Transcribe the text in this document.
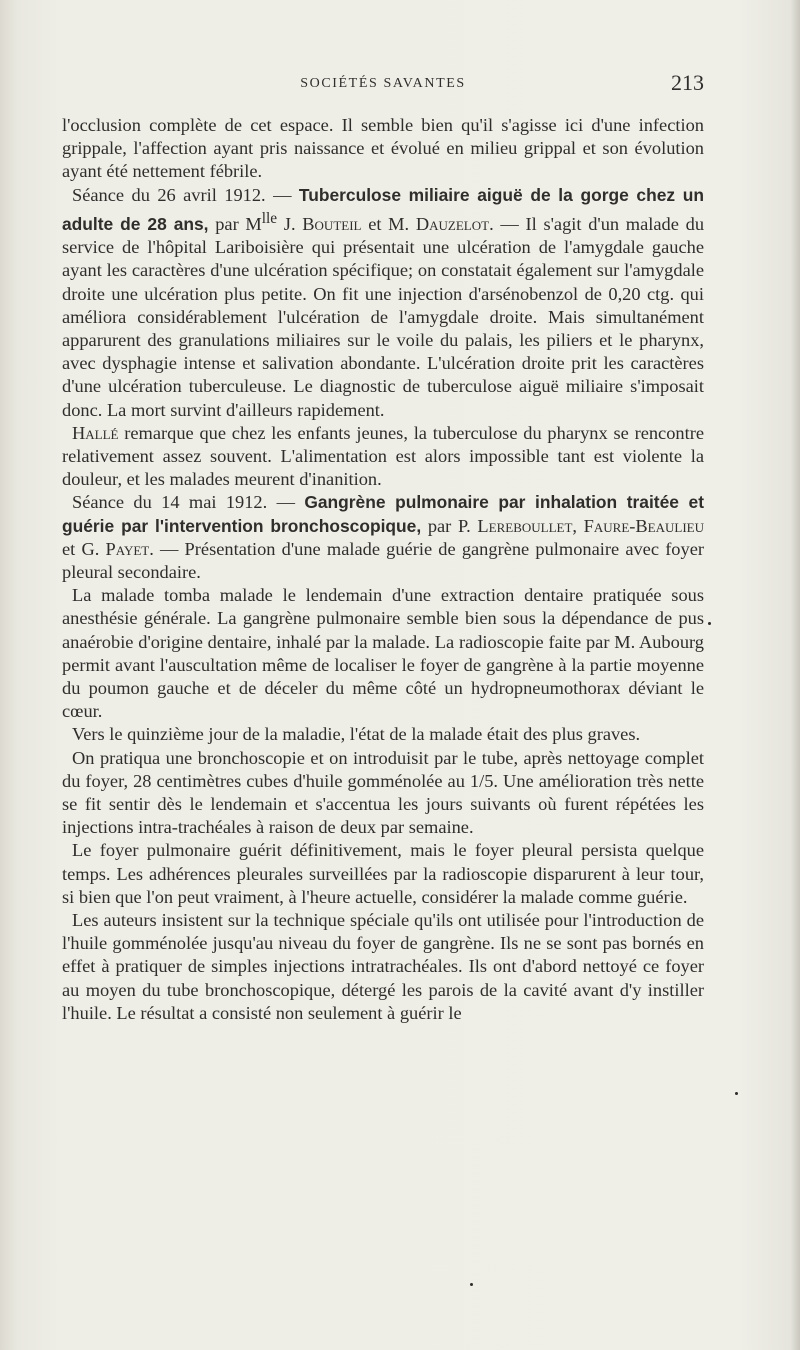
SOCIÉTÉS SAVANTES	213

l'occlusion complète de cet espace. Il semble bien qu'il s'agisse ici d'une infection grippale, l'affection ayant pris naissance et évolué en milieu grippal et son évolution ayant été nettement fébrile.

Séance du 26 avril 1912. — Tuberculose miliaire aiguë de la gorge chez un adulte de 28 ans, par $M^{lle}$ J. Bouteil et M. Dauzelot. — Il s'agit d'un malade du service de l'hôpital Lariboisière qui présentait une ulcération de l'amygdale gauche ayant les caractères d'une ulcération spécifique; on constatait également sur l'amygdale droite une ulcération plus petite. On fit une injection d'arsénobenzol de 0,20 ctg. qui améliora considérablement l'ulcération de l'amygdale droite. Mais simultanément apparurent des granulations miliaires sur le voile du palais, les piliers et le pharynx, avec dysphagie intense et salivation abondante. L'ulcération droite prit les caractères d'une ulcération tuberculeuse. Le diagnostic de tuberculose aiguë miliaire s'imposait donc. La mort survint d'ailleurs rapidement.

Hallé remarque que chez les enfants jeunes, la tuberculose du pharynx se rencontre relativement assez souvent. L'alimentation est alors impossible tant est violente la douleur, et les malades meurent d'inanition.

Séance du 14 mai 1912. — Gangrène pulmonaire par inhalation traitée et guérie par l'intervention bronchoscopique, par P. Lereboullet, Faure-Beaulieu et G. Payet. — Présentation d'une malade guérie de gangrène pulmonaire avec foyer pleural secondaire.

La malade tomba malade le lendemain d'une extraction dentaire pratiquée sous anesthésie générale. La gangrène pulmonaire semble bien sous la dépendance de pus anaérobie d'origine dentaire, inhalé par la malade. La radioscopie faite par M. Aubourg permit avant l'auscultation même de localiser le foyer de gangrène à la partie moyenne du poumon gauche et de déceler du même côté un hydropneumothorax déviant le cœur.

Vers le quinzième jour de la maladie, l'état de la malade était des plus graves.

On pratiqua une bronchoscopie et on introduisit par le tube, après nettoyage complet du foyer, 28 centimètres cubes d'huile gomménolée au 1/5. Une amélioration très nette se fit sentir dès le lendemain et s'accentua les jours suivants où furent répétées les injections intra-trachéales à raison de deux par semaine.

Le foyer pulmonaire guérit définitivement, mais le foyer pleural persista quelque temps. Les adhérences pleurales surveillées par la radioscopie disparurent à leur tour, si bien que l'on peut vraiment, à l'heure actuelle, considérer la malade comme guérie.

Les auteurs insistent sur la technique spéciale qu'ils ont utilisée pour l'introduction de l'huile gomménolée jusqu'au niveau du foyer de gangrène. Ils ne se sont pas bornés en effet à pratiquer de simples injections intratrachéales. Ils ont d'abord nettoyé ce foyer au moyen du tube bronchoscopique, détergé les parois de la cavité avant d'y instiller l'huile. Le résultat a consisté non seulement à guérir le
